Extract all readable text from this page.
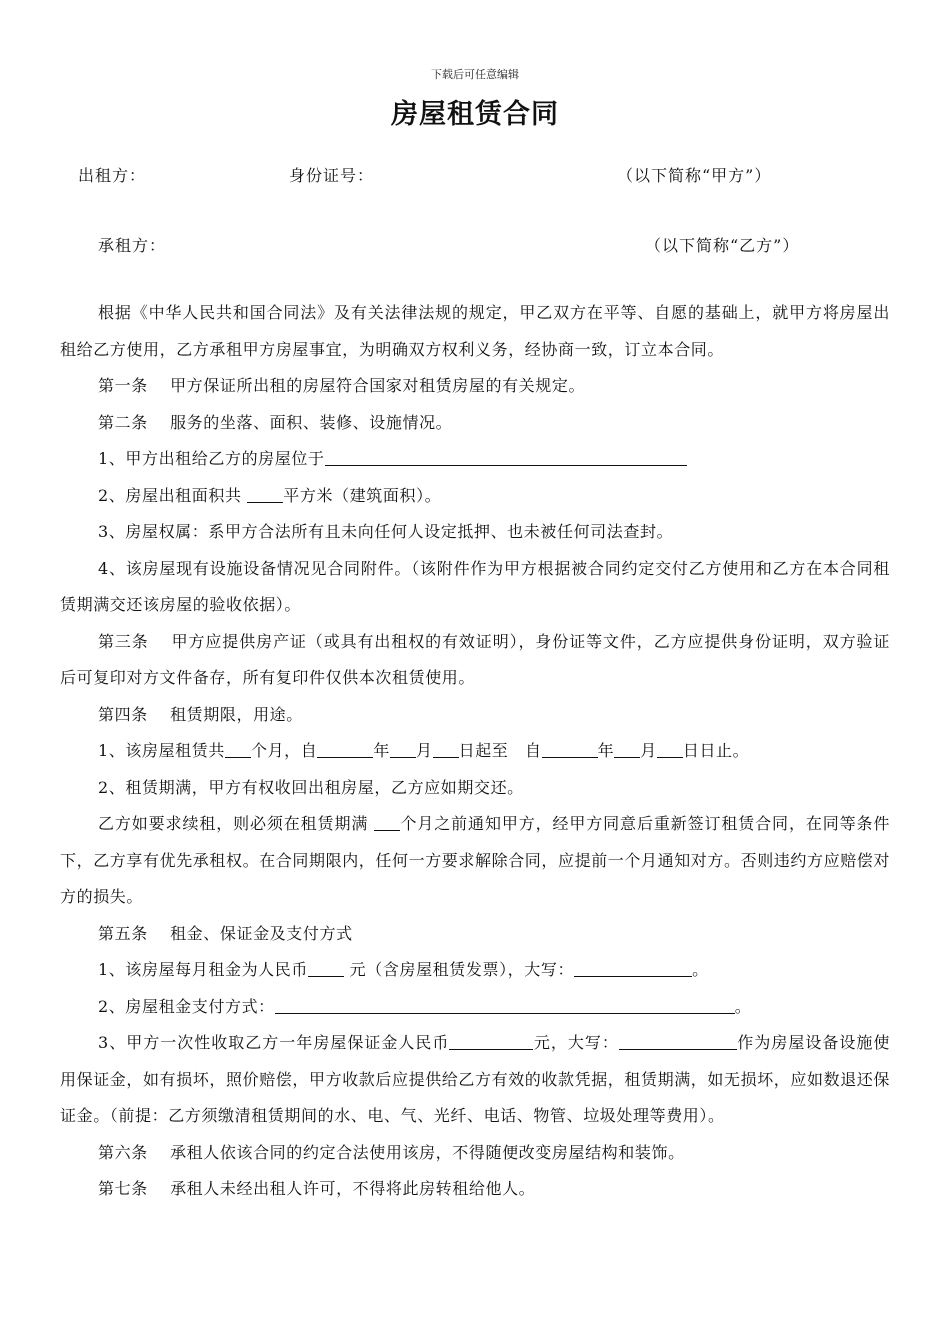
下载后可任意编辑
房屋租赁合同
出租方：	身份证号：	（以下简称“甲方”）
承租方：	（以下简称“乙方”）

根据《中华人民共和国合同法》及有关法律法规的规定，甲乙双方在平等、自愿的基础上，就甲方将房屋出租给乙方使用，乙方承租甲方房屋事宜，为明确双方权利义务，经协商一致，订立本合同。

第一条　 甲方保证所出租的房屋符合国家对租赁房屋的有关规定。

第二条　 服务的坐落、面积、装修、设施情况。

1、甲方出租给乙方的房屋位于

2、房屋出租面积共 平方米（建筑面积）。

3、房屋权属：系甲方合法所有且未向任何人设定抵押、也未被任何司法查封。

4、该房屋现有设施设备情况见合同附件。（该附件作为甲方根据被合同约定交付乙方使用和乙方在本合同租赁期满交还该房屋的验收依据）。

第三条　 甲方应提供房产证（或具有出租权的有效证明），身份证等文件，乙方应提供身份证明，双方验证后可复印对方文件备存，所有复印件仅供本次租赁使用。

第四条　 租赁期限，用途。

1、该房屋租赁共 个月，自	年 月 日起至　自	年 月 日日止。

2、租赁期满，甲方有权收回出租房屋，乙方应如期交还。

乙方如要求续租，则必须在租赁期满 个月之前通知甲方，经甲方同意后重新签订租赁合同，在同等条件下，乙方享有优先承租权。在合同期限内，任何一方要求解除合同，应提前一个月通知对方。否则违约方应赔偿对方的损失。

第五条　 租金、保证金及支付方式

1、该房屋每月租金为人民币 元（含房屋租赁发票），大写：	。

2、房屋租金支付方式：	。

3、甲方一次性收取乙方一年房屋保证金人民币	元，大写：	作为房屋设备设施使用保证金，如有损坏，照价赔偿，甲方收款后应提供给乙方有效的收款凭据，租赁期满，如无损坏，应如数退还保证金。（前提：乙方须缴清租赁期间的水、电、气、光纤、电话、物管、垃圾处理等费用）。

第六条　 承租人依该合同的约定合法使用该房，不得随便改变房屋结构和装饰。

第七条　 承租人未经出租人许可，不得将此房转租给他人。
